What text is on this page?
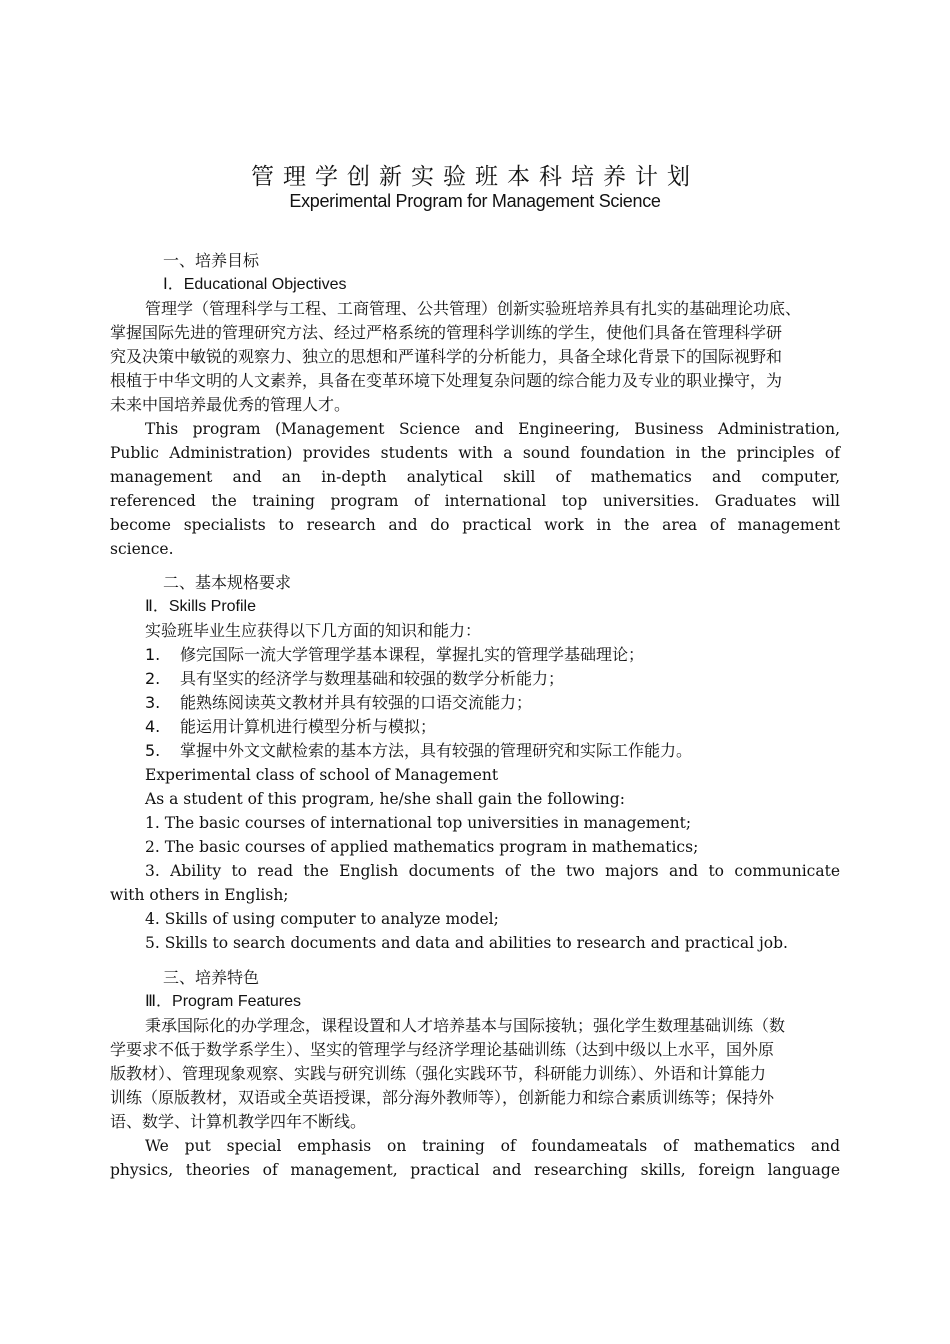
管理学创新实验班本科培养计划
Experimental Program for Management Science
一、培养目标
Ⅰ．Educational Objectives
管理学（管理科学与工程、工商管理、公共管理）创新实验班培养具有扎实的基础理论功底、
掌握国际先进的管理研究方法、经过严格系统的管理科学训练的学生，使他们具备在管理科学研
究及决策中敏锐的观察力、独立的思想和严谨科学的分析能力，具备全球化背景下的国际视野和
根植于中华文明的人文素养，具备在变革环境下处理复杂问题的综合能力及专业的职业操守，为
未来中国培养最优秀的管理人才。
This program (Management Science and Engineering, Business Administration,
Public Administration) provides students with a sound foundation in the principles of
management and an in-depth analytical skill of mathematics and computer,
referenced the training program of international top universities. Graduates will
become specialists to research and do practical work in the area of management
science.
二、基本规格要求
Ⅱ．Skills Profile
实验班毕业生应获得以下几方面的知识和能力：
1. 修完国际一流大学管理学基本课程，掌握扎实的管理学基础理论；
2. 具有坚实的经济学与数理基础和较强的数学分析能力；
3. 能熟练阅读英文教材并具有较强的口语交流能力；
4. 能运用计算机进行模型分析与模拟；
5. 掌握中外文文献检索的基本方法，具有较强的管理研究和实际工作能力。
Experimental class of school of Management
As a student of this program, he/she shall gain the following:
1. The basic courses of international top universities in management;
2. The basic courses of applied mathematics program in mathematics;
3. Ability to read the English documents of the two majors and to communicate
with others in English;
4. Skills of using computer to analyze model;
5. Skills to search documents and data and abilities to research and practical job.
三、培养特色
Ⅲ．Program Features
秉承国际化的办学理念，课程设置和人才培养基本与国际接轨；强化学生数理基础训练（数
学要求不低于数学系学生）、坚实的管理学与经济学理论基础训练（达到中级以上水平，国外原
版教材）、管理现象观察、实践与研究训练（强化实践环节，科研能力训练）、外语和计算能力
训练（原版教材，双语或全英语授课，部分海外教师等），创新能力和综合素质训练等；保持外
语、数学、计算机教学四年不断线。
We put special emphasis on training of foundameatals of mathematics and
physics, theories of management, practical and researching skills, foreign language
